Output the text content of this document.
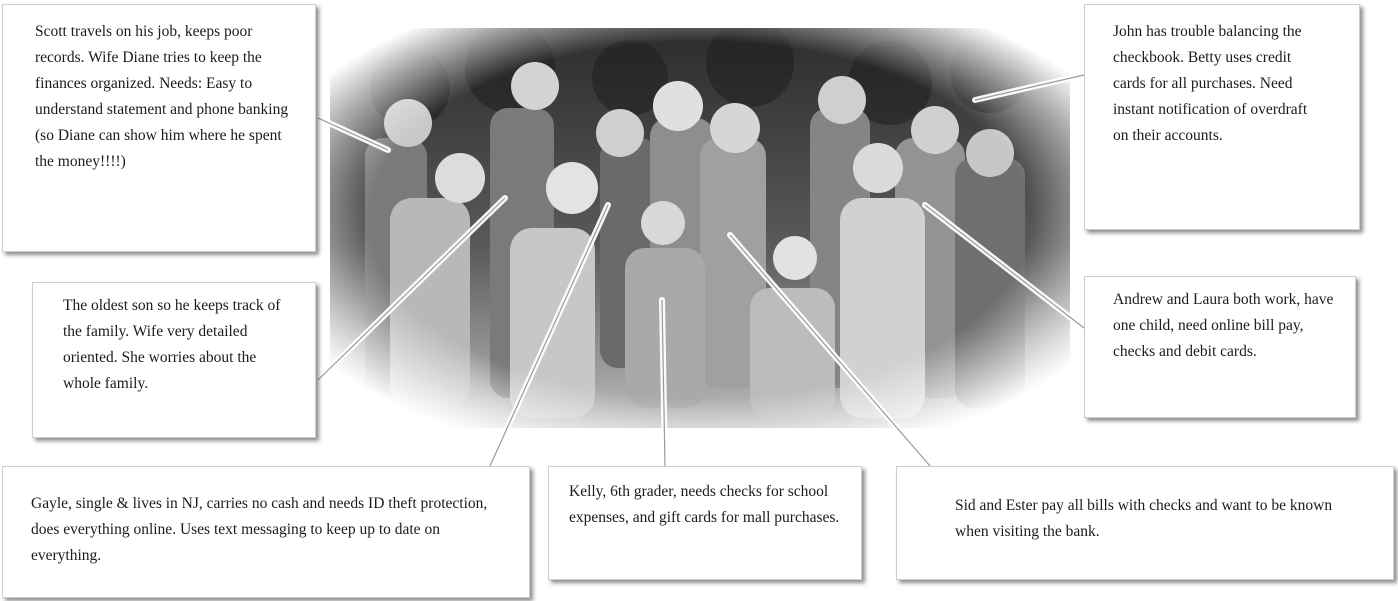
Scott travels on his job, keeps poor records. Wife Diane tries to keep the finances organized. Needs: Easy to understand statement and phone banking (so Diane can show him where he spent the money!!!!)
The oldest son so he keeps track of the family. Wife very detailed oriented. She worries about the whole family.
Gayle, single & lives in NJ, carries no cash and needs ID theft protection, does everything online. Uses text messaging to keep up to date on everything.
Kelly, 6th grader, needs checks for school expenses, and gift cards for mall purchases.
Sid and Ester pay all bills with checks and want to be known when visiting the bank.
Andrew and Laura both work, have one child, need online bill pay, checks and debit cards.
John has trouble balancing the checkbook. Betty uses credit cards for all purchases. Need instant notification of overdraft on their accounts.
